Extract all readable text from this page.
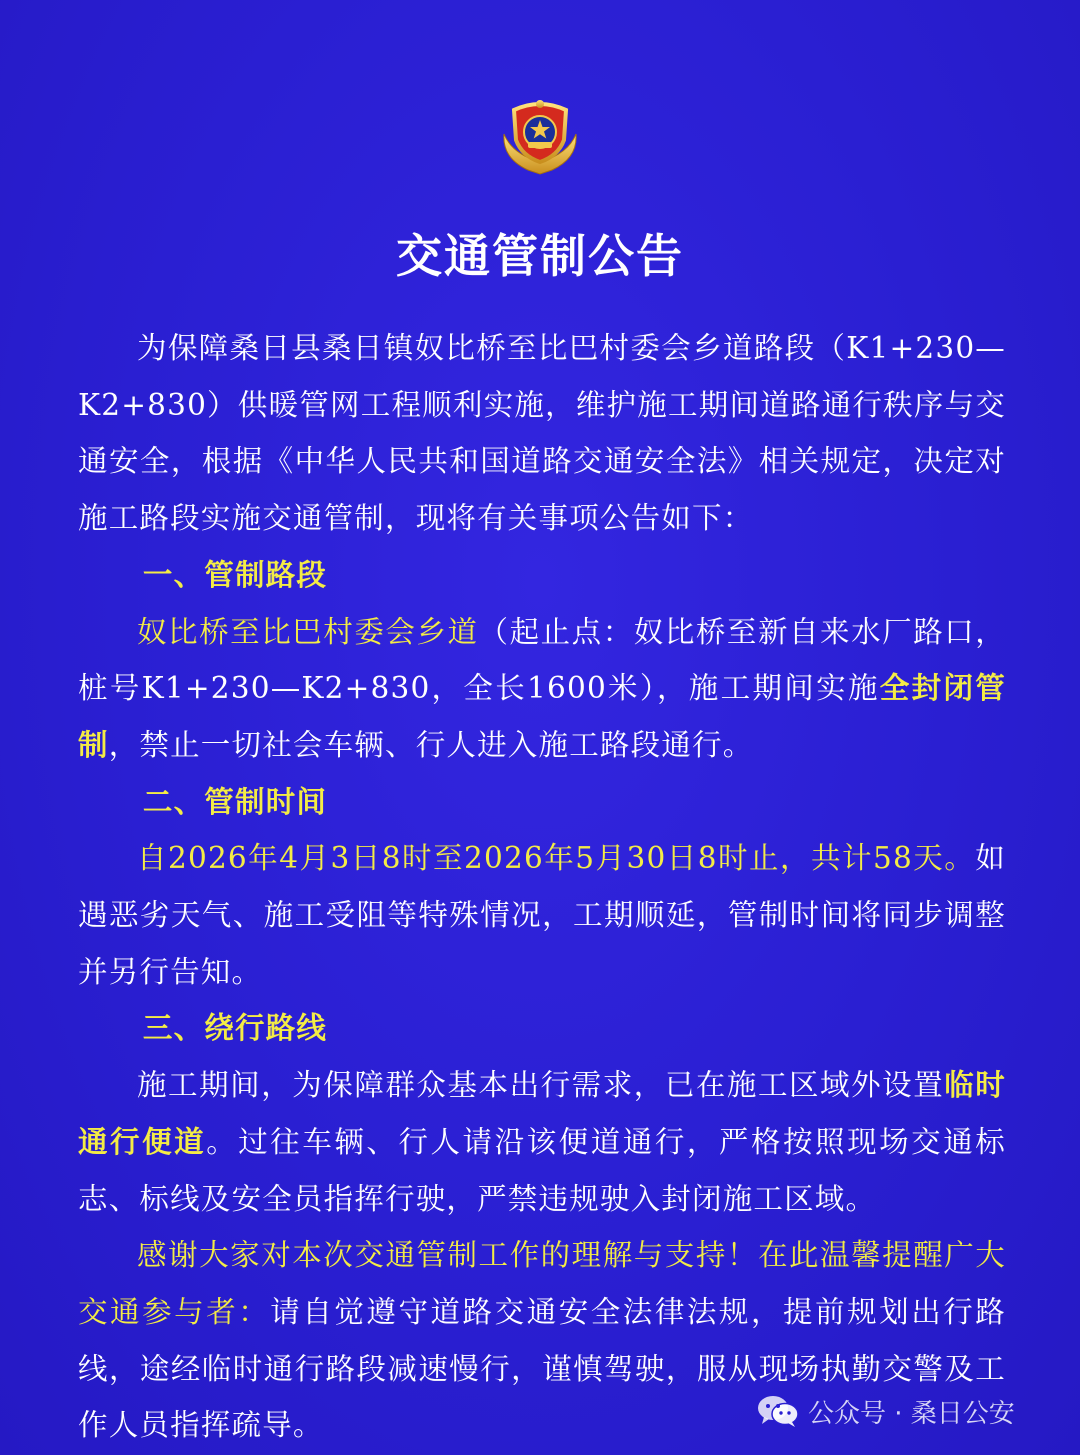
交通管制公告

为保障桑日县桑日镇奴比桥至比巴村委会乡道路段（K1+230—K2+830）供暖管网工程顺利实施，维护施工期间道路通行秩序与交通安全，根据《中华人民共和国道路交通安全法》相关规定，决定对施工路段实施交通管制，现将有关事项公告如下：

一、管制路段

奴比桥至比巴村委会乡道（起止点：奴比桥至新自来水厂路口，桩号K1+230—K2+830，全长1600米），施工期间实施全封闭管制，禁止一切社会车辆、行人进入施工路段通行。

二、管制时间

自2026年4月3日8时至2026年5月30日8时止，共计58天。如遇恶劣天气、施工受阻等特殊情况，工期顺延，管制时间将同步调整并另行告知。

三、绕行路线

施工期间，为保障群众基本出行需求，已在施工区域外设置临时通行便道。过往车辆、行人请沿该便道通行，严格按照现场交通标志、标线及安全员指挥行驶，严禁违规驶入封闭施工区域。

感谢大家对本次交通管制工作的理解与支持！在此温馨提醒广大交通参与者：请自觉遵守道路交通安全法律法规，提前规划出行路线，途经临时通行路段减速慢行，谨慎驾驶，服从现场执勤交警及工作人员指挥疏导。	公众号 · 桑日公安
